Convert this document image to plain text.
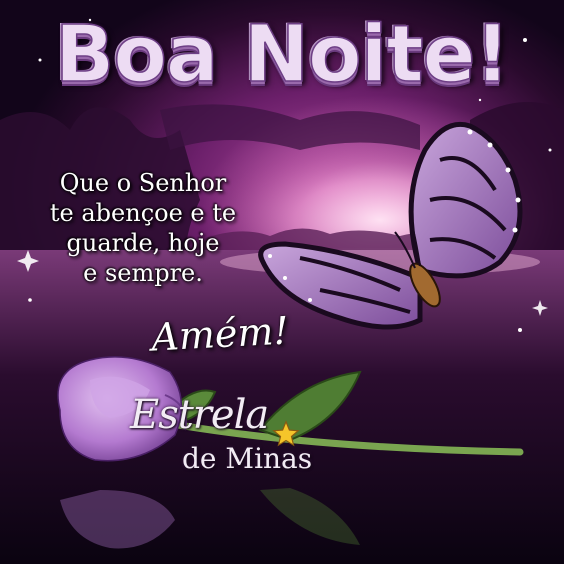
Boa Noite!
Que o Senhor
te abençoe e te
guarde, hoje
e sempre.
Amém!
Estrela
de Minas
